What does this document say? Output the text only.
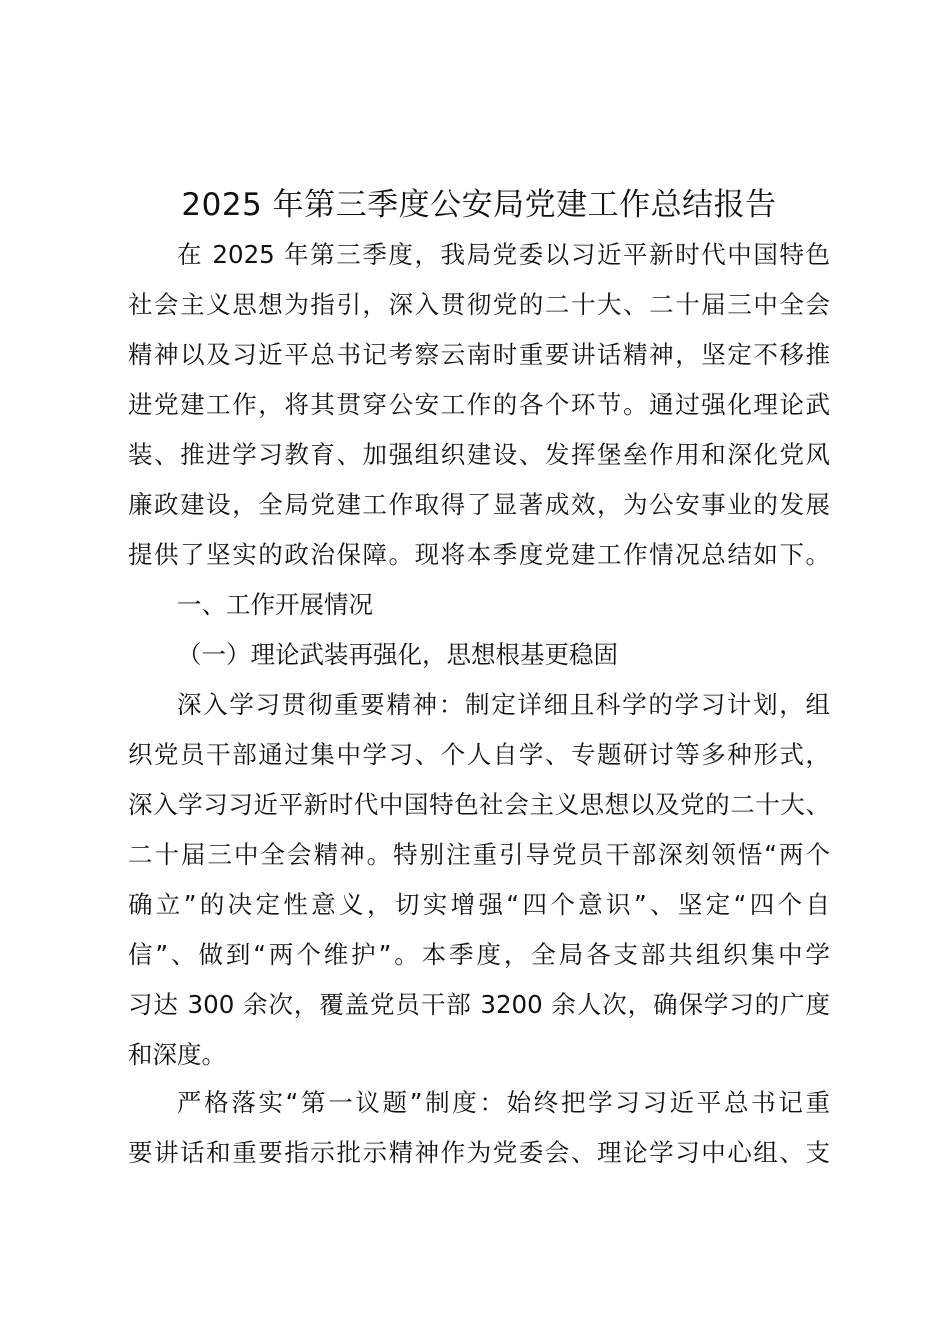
2025 年第三季度公安局党建工作总结报告
在 2025 年第三季度，我局党委以习近平新时代中国特色
社会主义思想为指引，深入贯彻党的二十大、二十届三中全会
精神以及习近平总书记考察云南时重要讲话精神，坚定不移推
进党建工作，将其贯穿公安工作的各个环节。通过强化理论武
装、推进学习教育、加强组织建设、发挥堡垒作用和深化党风
廉政建设，全局党建工作取得了显著成效，为公安事业的发展
提供了坚实的政治保障。现将本季度党建工作情况总结如下。
一、工作开展情况
（一）理论武装再强化，思想根基更稳固
深入学习贯彻重要精神：制定详细且科学的学习计划，组
织党员干部通过集中学习、个人自学、专题研讨等多种形式，
深入学习习近平新时代中国特色社会主义思想以及党的二十大、
二十届三中全会精神。特别注重引导党员干部深刻领悟“两个
确立”的决定性意义，切实增强“四个意识”、坚定“四个自
信”、做到“两个维护”。本季度，全局各支部共组织集中学
习达 300 余次，覆盖党员干部 3200 余人次，确保学习的广度
和深度。
严格落实“第一议题”制度：始终把学习习近平总书记重
要讲话和重要指示批示精神作为党委会、理论学习中心组、支
